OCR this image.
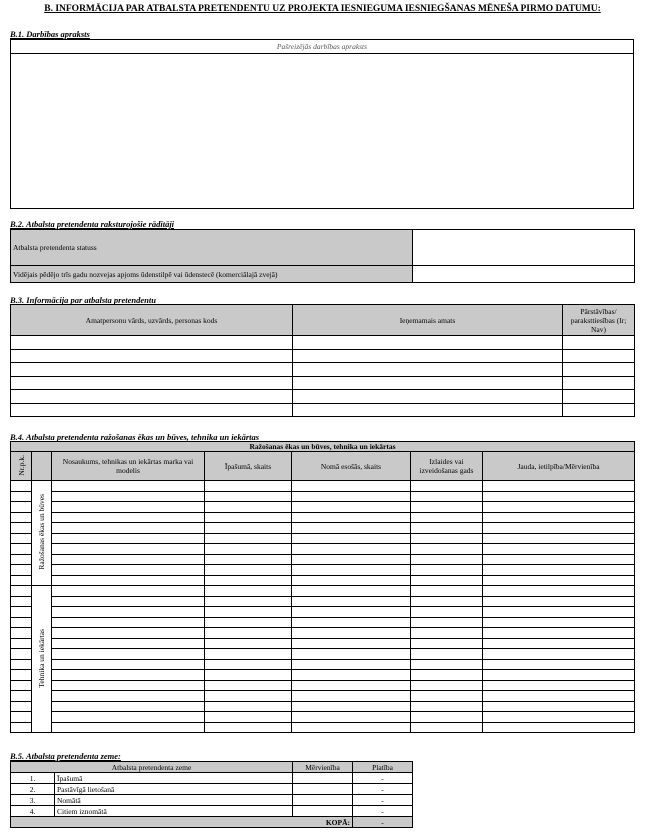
B. INFORMĀCIJA PAR ATBALSTA PRETENDENTU UZ PROJEKTA IESNIEGUMA IESNIEGŠANAS MĒNEŠA PIRMO DATUMU:
B.1. Darbības apraksts
Pašreizējās darbības apraksts
B.2. Atbalsta pretendenta raksturojošie rādītāji
Atbalsta pretendenta statuss	
Vidējais pēdējo trīs gadu nozvejas apjoms ūdenstilpē vai ūdenstecē (komerciālajā zvejā)	
B.3. Informācija par atbalsta pretendentu
Amatpersonu vārds, uzvārds, personas kods	Ieņemamais amats	Pārstāvības/ paraksttiesības (Ir; Nav)

B.4. Atbalsta pretendenta ražošanas ēkas un būves, tehnika un iekārtas
Ražošanas ēkas un būves, tehnika un iekārtas						
Nr.p.k.		Nosaukums, tehnikas un iekārtas marka vai modelis	Īpašumā, skaits	Nomā esošās, skaits	Izlaides vai izveidošanas gads	Jauda, ietilpība/Mērvienība
	Ražošanas ēkas un būves					

	Tehnika un iekārtas					

B.5. Atbalsta pretendenta zeme:
Atbalsta pretendenta zeme		Mērvienība	Platība
1.	Īpašumā		-
2.	Pastāvīgā lietošanā		-
3.	Nomātā		-
4.	Citiem iznomātā		-
KOPĀ:			-
